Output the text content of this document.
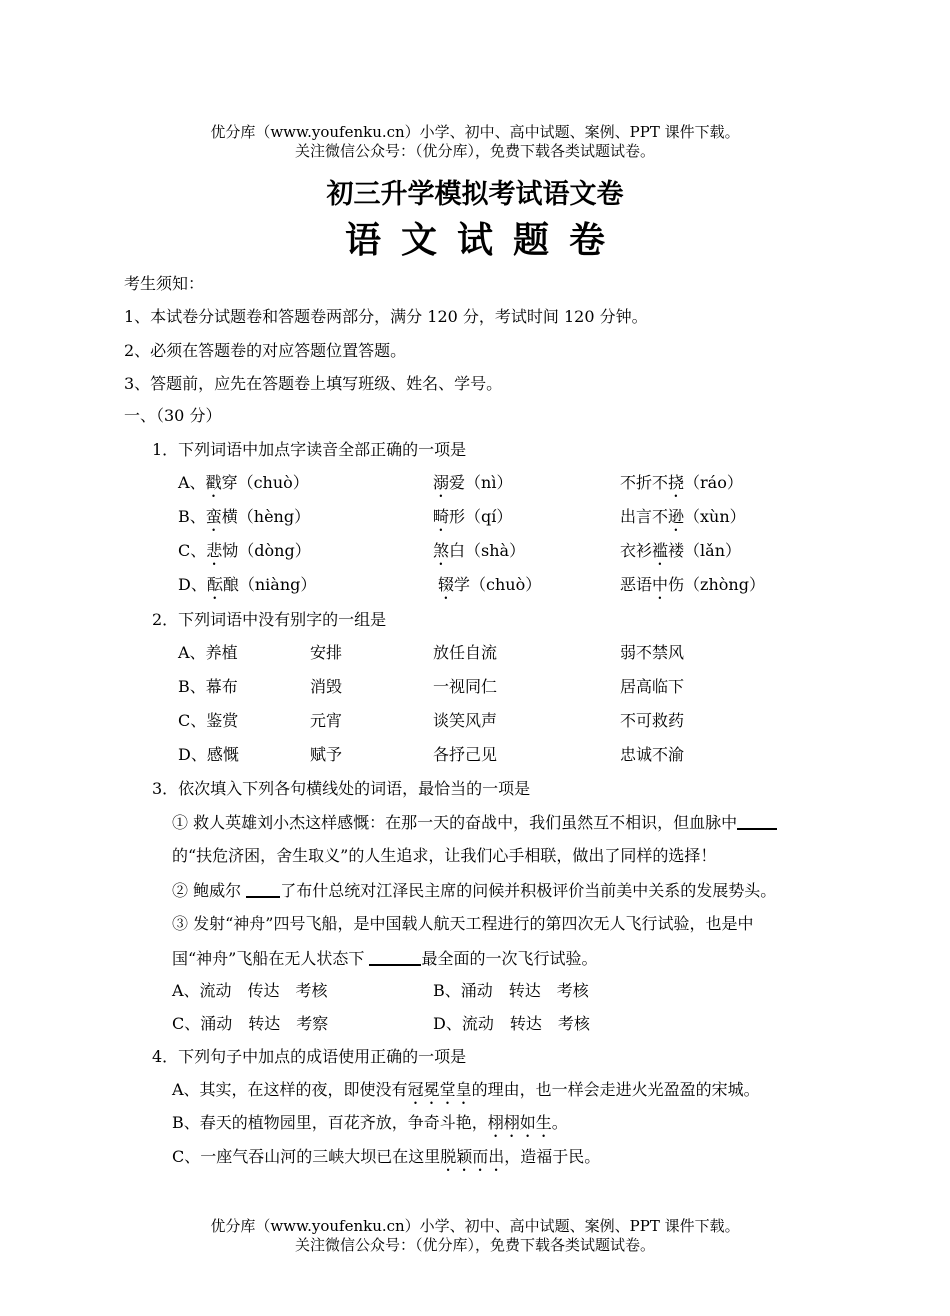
优分库（www.youfenku.cn）小学、初中、高中试题、案例、PPT 课件下载。
关注微信公众号：（优分库），免费下载各类试题试卷。
初三升学模拟考试语文卷
语文试题卷
考生须知：
1、本试卷分试题卷和答题卷两部分，满分 120 分，考试时间 120 分钟。
2、必须在答题卷的对应答题位置答题。
3、答题前，应先在答题卷上填写班级、姓名、学号。
一、（30 分）
1．下列词语中加点字读音全部正确的一项是
A、戳穿（chuò）	溺爱（nì）	不折不挠（ráo）
B、蛮横（hèng）	畸形（qí）	出言不逊（xùn）
C、悲恸（dòng）	煞白（shà）	衣衫褴褛（lǎn）
D、酝酿（niàng）	辍学（chuò）	恶语中伤（zhòng）
2．下列词语中没有别字的一组是
A、养植	安排	放任自流	弱不禁风
B、幕布	消毁	一视同仁	居高临下
C、鉴赏	元宵	谈笑风声	不可救药
D、感慨	赋予	各抒己见	忠诚不渝
3．依次填入下列各句横线处的词语，最恰当的一项是
① 救人英雄刘小杰这样感慨：在那一天的奋战中，我们虽然互不相识，但血脉中
的“扶危济困，舍生取义”的人生追求，让我们心手相联，做出了同样的选择！
② 鲍威尔 了布什总统对江泽民主席的问候并积极评价当前美中关系的发展势头。
③ 发射“神舟”四号飞船，是中国载人航天工程进行的第四次无人飞行试验，也是中
国“神舟”飞船在无人状态下	最全面的一次飞行试验。
A、流动　传达　考核	B、涌动　转达　考核
C、涌动　转达　考察	D、流动　转达　考核
4．下列句子中加点的成语使用正确的一项是
A、其实，在这样的夜，即使没有冠冕堂皇的理由，也一样会走进火光盈盈的宋城。
B、春天的植物园里，百花齐放，争奇斗艳，栩栩如生。
C、一座气吞山河的三峡大坝已在这里脱颖而出，造福于民。
优分库（www.youfenku.cn）小学、初中、高中试题、案例、PPT 课件下载。
关注微信公众号：（优分库），免费下载各类试题试卷。
